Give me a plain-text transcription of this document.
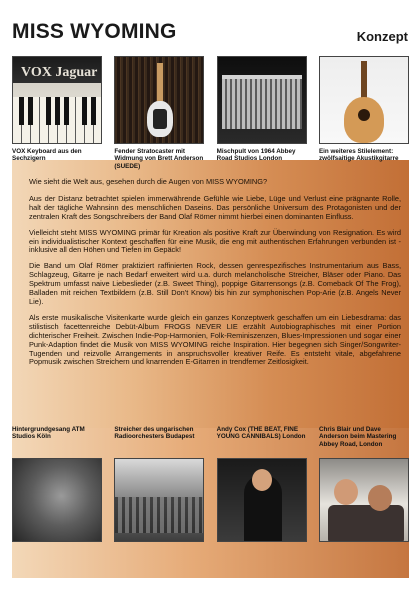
MISS WYOMING	Konzept
VOX Jaguar
VOX Keyboard aus den Sechzigern
Fender Stratocaster mit Widmung von Brett Anderson (SUEDE)
Mischpult von 1964 Abbey Road Studios London
Ein weiteres Stilelement: zwölfsaitige Akustikgitarre

Wie sieht die Welt aus, gesehen durch die Augen von MISS WYOMING?

Aus der Distanz betrachtet spielen immerwährende Gefühle wie Liebe, Lüge und Verlust eine prägnante Rolle, halt der tägliche Wahnsinn des menschlichen Daseins. Das persönliche Universum des Protagonisten und der zentralen Kraft des Songschreibers der Band Olaf Römer nimmt hierbei einen dominanten Einfluss.

Vielleicht steht MISS WYOMING primär für Kreation als positive Kraft zur Überwindung von Resignation. Es wird ein individualistischer Kontext geschaffen für eine Musik, die eng mit authentischen Erfahrungen verbunden ist - inklusive all den Höhen und Tiefen im Gepäck!

Die Band um Olaf Römer praktiziert raffinierten Rock, dessen genrespezifisches Instrumentarium aus Bass, Schlagzeug, Gitarre je nach Bedarf erweitert wird u.a. durch melancholische Streicher, Bläser oder Piano. Das Spektrum umfasst naive Liebeslieder (z.B. Sweet Thing), poppige Gitarrensongs (z.B. Comeback Of The Frog), Balladen mit reichen Textbildern (z.B. Still Don't Know) bis hin zur symphonischen Pop-Arie (z.B. Angels Never Lie).

Als erste musikalische Visitenkarte wurde gleich ein ganzes Konzeptwerk geschaffen um ein Liebesdrama: das stilistisch facettenreiche Debüt-Album FROGS NEVER LIE erzählt Autobiographisches mit einer Portion dichterischer Freiheit. Zwischen Indie-Pop-Harmonien, Folk-Reminiszenzen, Blues-Impressionen und sogar einer Punk-Adaption findet die Musik von MISS WYOMING reiche Inspiration. Hier begegnen sich Singer/Songwriter-Tugenden und reizvolle Arrangements in anspruchsvoller kreativer Reife. Es entsteht vitale, abgefahrene Popmusik zwischen Streichern und knarrenden E-Gitarren in trendferner Zeitlosigkeit.

Hintergrundgesang ATM Studios Köln
Streicher des ungarischen Radioorchesters Budapest
Andy Cox (THE BEAT, FINE YOUNG CANNIBALS) London
Chris Blair und Dave Anderson beim Mastering Abbey Road, London
